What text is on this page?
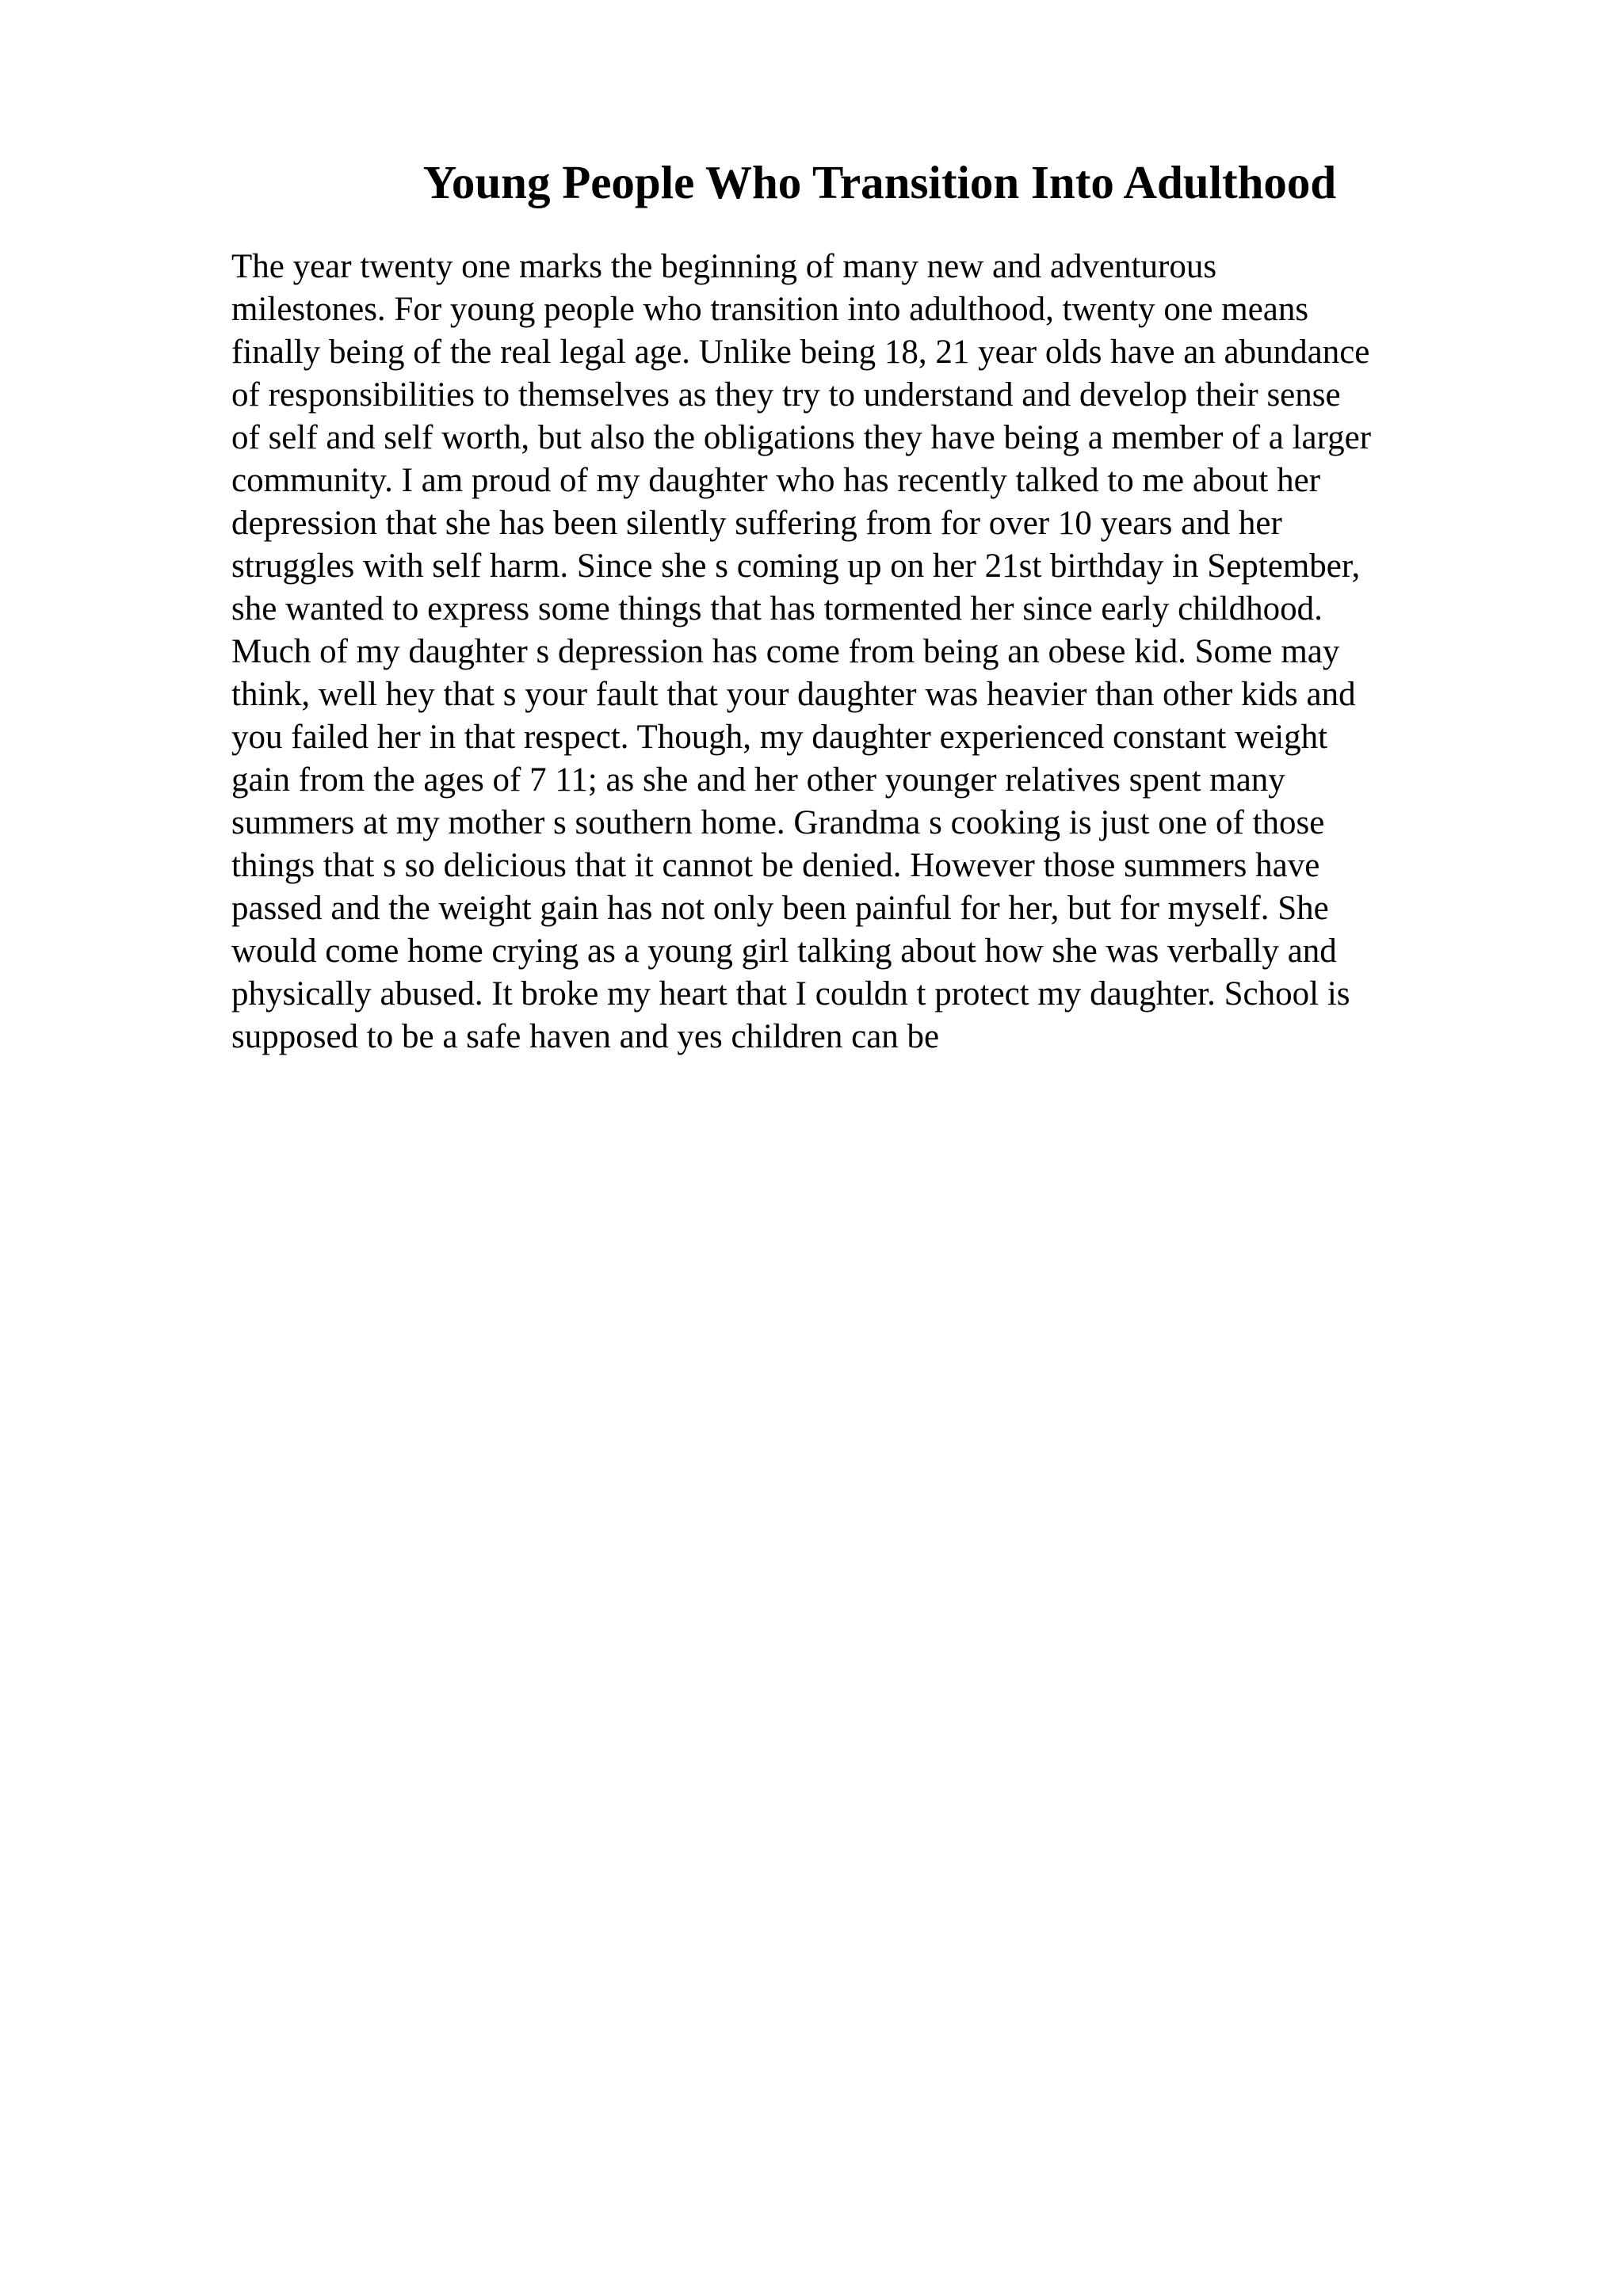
Young People Who Transition Into Adulthood

The year twenty one marks the beginning of many new and adventurous

milestones. For young people who transition into adulthood, twenty one means

finally being of the real legal age. Unlike being 18, 21 year olds have an abundance

of responsibilities to themselves as they try to understand and develop their sense

of self and self worth, but also the obligations they have being a member of a larger

community. I am proud of my daughter who has recently talked to me about her

depression that she has been silently suffering from for over 10 years and her

struggles with self harm. Since she s coming up on her 21st birthday in September,

she wanted to express some things that has tormented her since early childhood.

Much of my daughter s depression has come from being an obese kid. Some may

think, well hey that s your fault that your daughter was heavier than other kids and

you failed her in that respect. Though, my daughter experienced constant weight

gain from the ages of 7 11; as she and her other younger relatives spent many

summers at my mother s southern home. Grandma s cooking is just one of those

things that s so delicious that it cannot be denied. However those summers have

passed and the weight gain has not only been painful for her, but for myself. She

would come home crying as a young girl talking about how she was verbally and

physically abused. It broke my heart that I couldn t protect my daughter. School is

supposed to be a safe haven and yes children can be
